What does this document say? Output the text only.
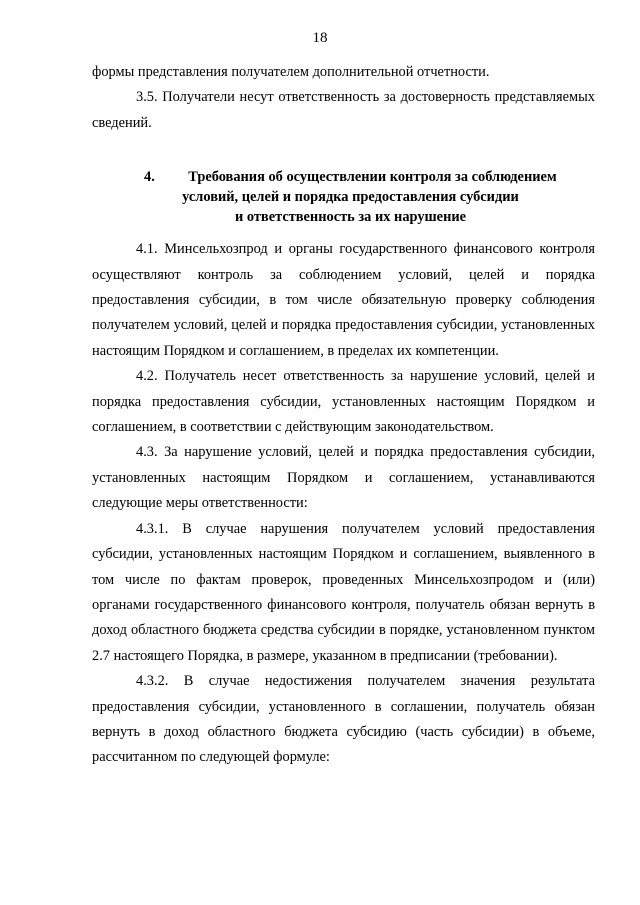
18

формы представления получателем дополнительной отчетности.

3.5. Получатели несут ответственность за достоверность представляемых сведений.

4. Требования об осуществлении контроля за соблюдением
условий, целей и порядка предоставления субсидии
и ответственность за их нарушение

4.1. Минсельхозпрод и органы государственного финансового контроля осуществляют контроль за соблюдением условий, целей и порядка предоставления субсидии, в том числе обязательную проверку соблюдения получателем условий, целей и порядка предоставления субсидии, установленных настоящим Порядком и соглашением, в пределах их компетенции.

4.2. Получатель несет ответственность за нарушение условий, целей и порядка предоставления субсидии, установленных настоящим Порядком и соглашением, в соответствии с действующим законодательством.

4.3. За нарушение условий, целей и порядка предоставления субсидии, установленных настоящим Порядком и соглашением, устанавливаются следующие меры ответственности:

4.3.1. В случае нарушения получателем условий предоставления субсидии, установленных настоящим Порядком и соглашением, выявленного в том числе по фактам проверок, проведенных Минсельхозпродом и (или) органами государственного финансового контроля, получатель обязан вернуть в доход областного бюджета средства субсидии в порядке, установленном пунктом 2.7 настоящего Порядка, в размере, указанном в предписании (требовании).

4.3.2. В случае недостижения получателем значения результата предоставления субсидии, установленного в соглашении, получатель обязан вернуть в доход областного бюджета субсидию (часть субсидии) в объеме, рассчитанном по следующей формуле:
